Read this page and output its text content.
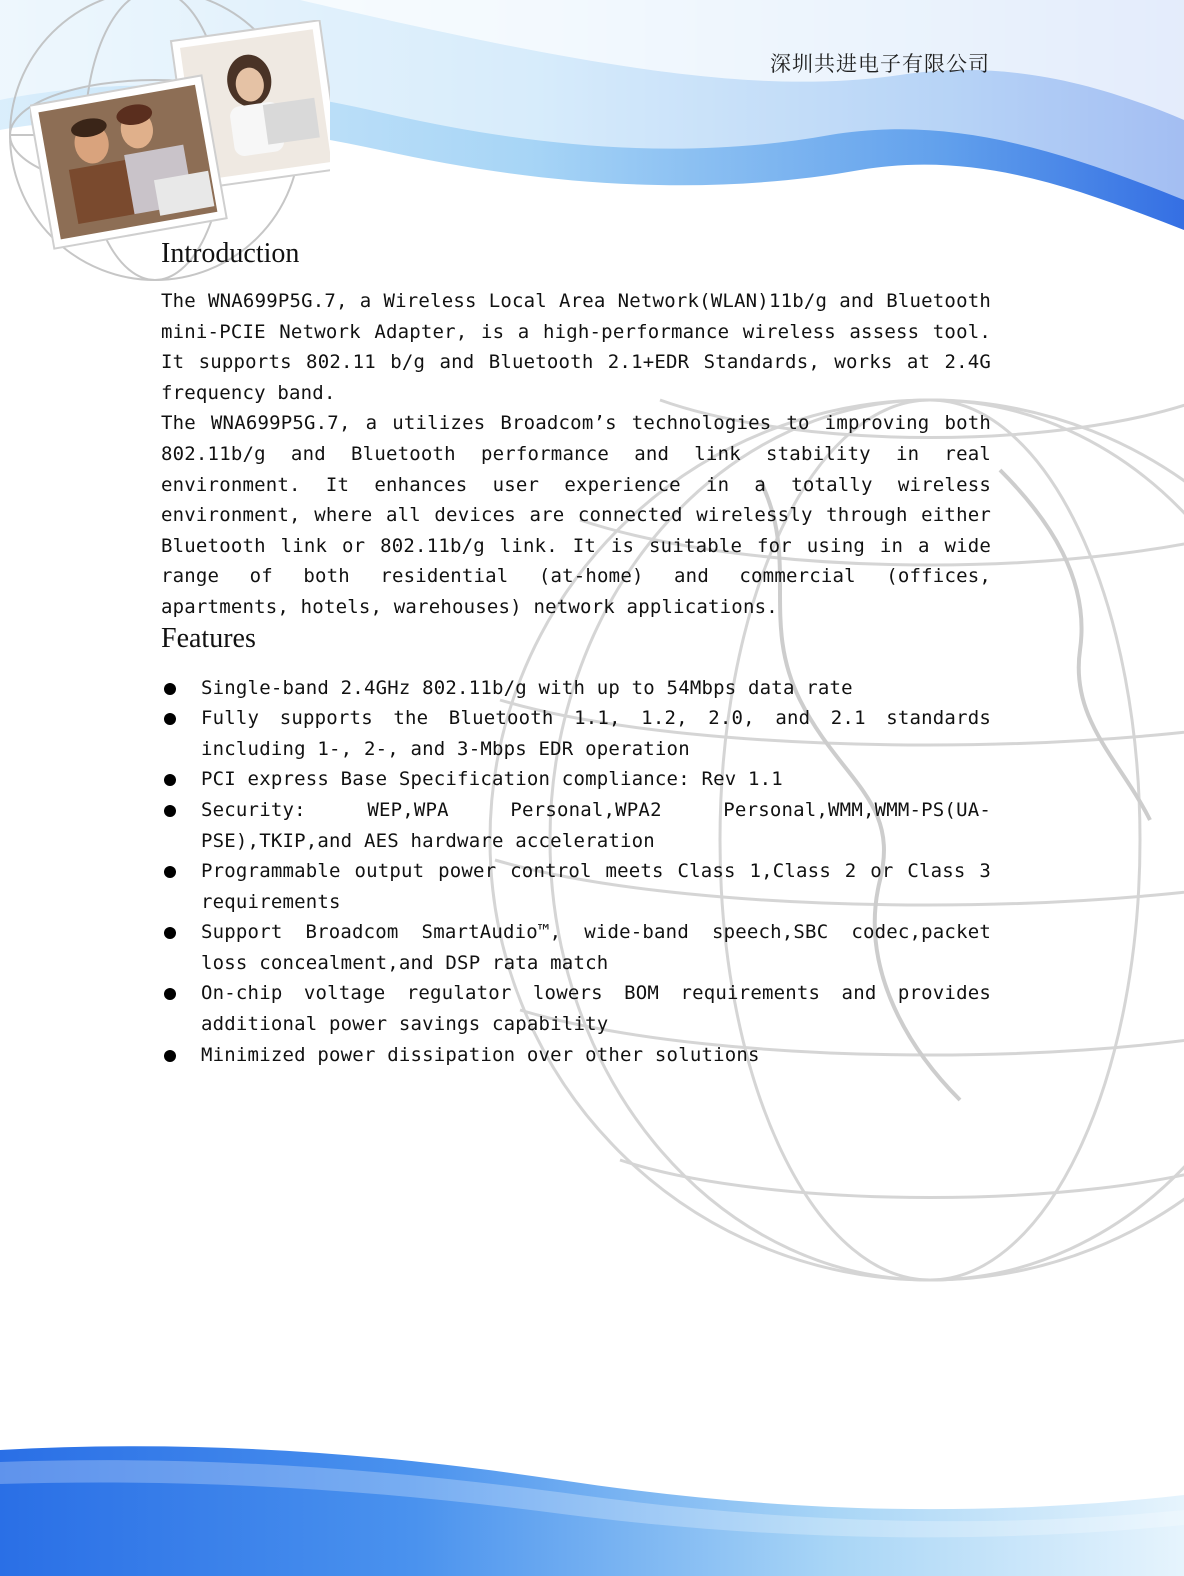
深圳共进电子有限公司
Introduction

The WNA699P5G.7, a Wireless Local Area Network(WLAN)11b/g and Bluetooth mini-PCIE Network Adapter, is a high-performance wireless assess tool. It supports 802.11 b/g and Bluetooth 2.1+EDR Standards, works at 2.4G frequency band.

The WNA699P5G.7, a utilizes Broadcom’s technologies to improving both 802.11b/g and Bluetooth performance and link stability in real environment. It enhances user experience in a totally wireless environment, where all devices are connected wirelessly through either Bluetooth link or 802.11b/g link. It is suitable for using in a wide range of both residential (at-home) and commercial (offices, apartments, hotels, warehouses) network applications.

Features
Single-band 2.4GHz 802.11b/g with up to 54Mbps data rate
Fully supports the Bluetooth 1.1, 1.2, 2.0, and 2.1 standards including 1-, 2-, and 3-Mbps EDR operation
PCI express Base Specification compliance: Rev 1.1
Security: WEP,WPA Personal,WPA2 Personal,WMM,WMM-PS(UA-PSE),TKIP,and AES hardware acceleration
Programmable output power control meets Class 1,Class 2 or Class 3 requirements
Support Broadcom SmartAudio™, wide-band speech,SBC codec,packet loss concealment,and DSP rata match
On-chip voltage regulator lowers BOM requirements and provides additional power savings capability
Minimized power dissipation over other solutions
